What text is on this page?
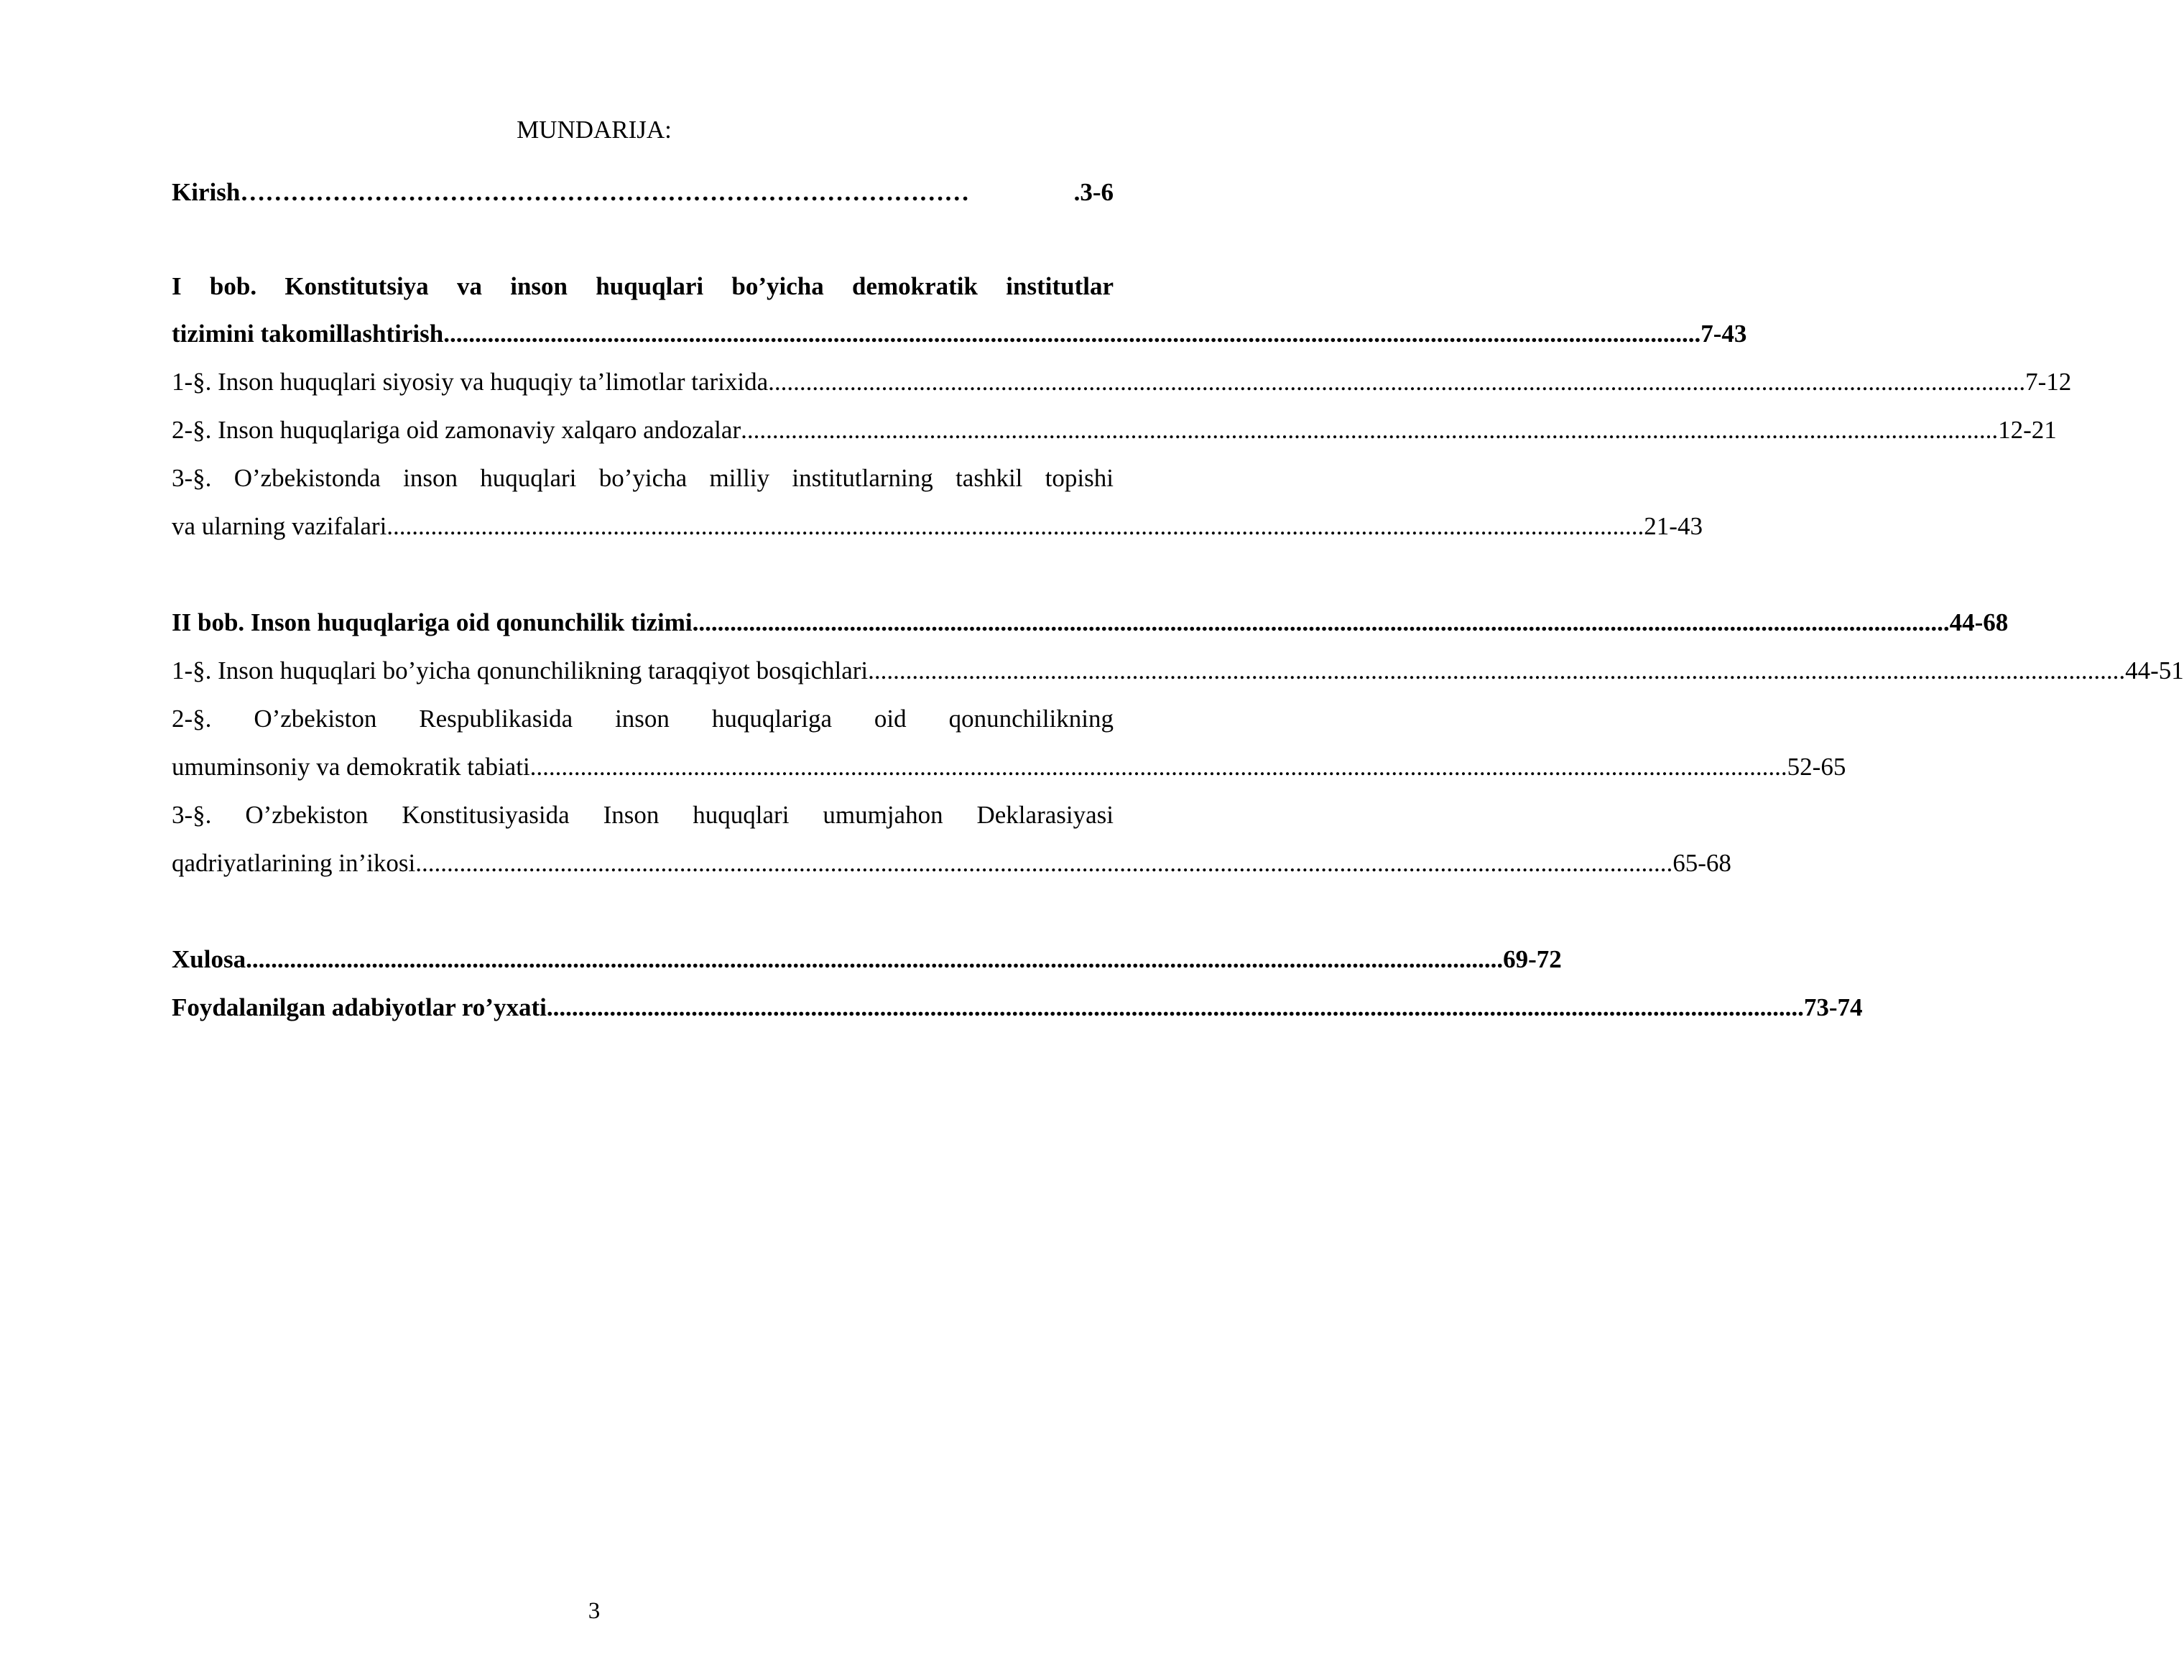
MUNDARIJA:
Kirish ……………………………………………………………………………	.3-6
I bob. Konstitutsiya va inson huquqlari bo’yicha demokratik institutlar
tizimini takomillashtirish ........................................................................................................................................................................................................ 7-43
1-§. Inson huquqlari siyosiy va huquqiy ta’limotlar tarixida ........................................................................................................................................................................................................ 7-12
2-§. Inson huquqlariga oid zamonaviy xalqaro andozalar ........................................................................................................................................................................................................ 12-21
3-§. O’zbekistonda inson huquqlari bo’yicha milliy institutlarning tashkil topishi
va ularning vazifalari ........................................................................................................................................................................................................ 21-43
II bob. Inson huquqlariga oid qonunchilik tizimi ........................................................................................................................................................................................................ 44-68
1-§. Inson huquqlari bo’yicha qonunchilikning taraqqiyot bosqichlari ........................................................................................................................................................................................................ 44-51
2-§. O’zbekiston Respublikasida inson huquqlariga oid qonunchilikning
umuminsoniy va demokratik tabiati ........................................................................................................................................................................................................ 52-65
3-§. O’zbekiston Konstitusiyasida Inson huquqlari umumjahon Deklarasiyasi
qadriyatlarining in’ikosi ........................................................................................................................................................................................................ 65-68
Xulosa ........................................................................................................................................................................................................ 69-72
Foydalanilgan adabiyotlar ro’yxati ........................................................................................................................................................................................................ 73-74
3
